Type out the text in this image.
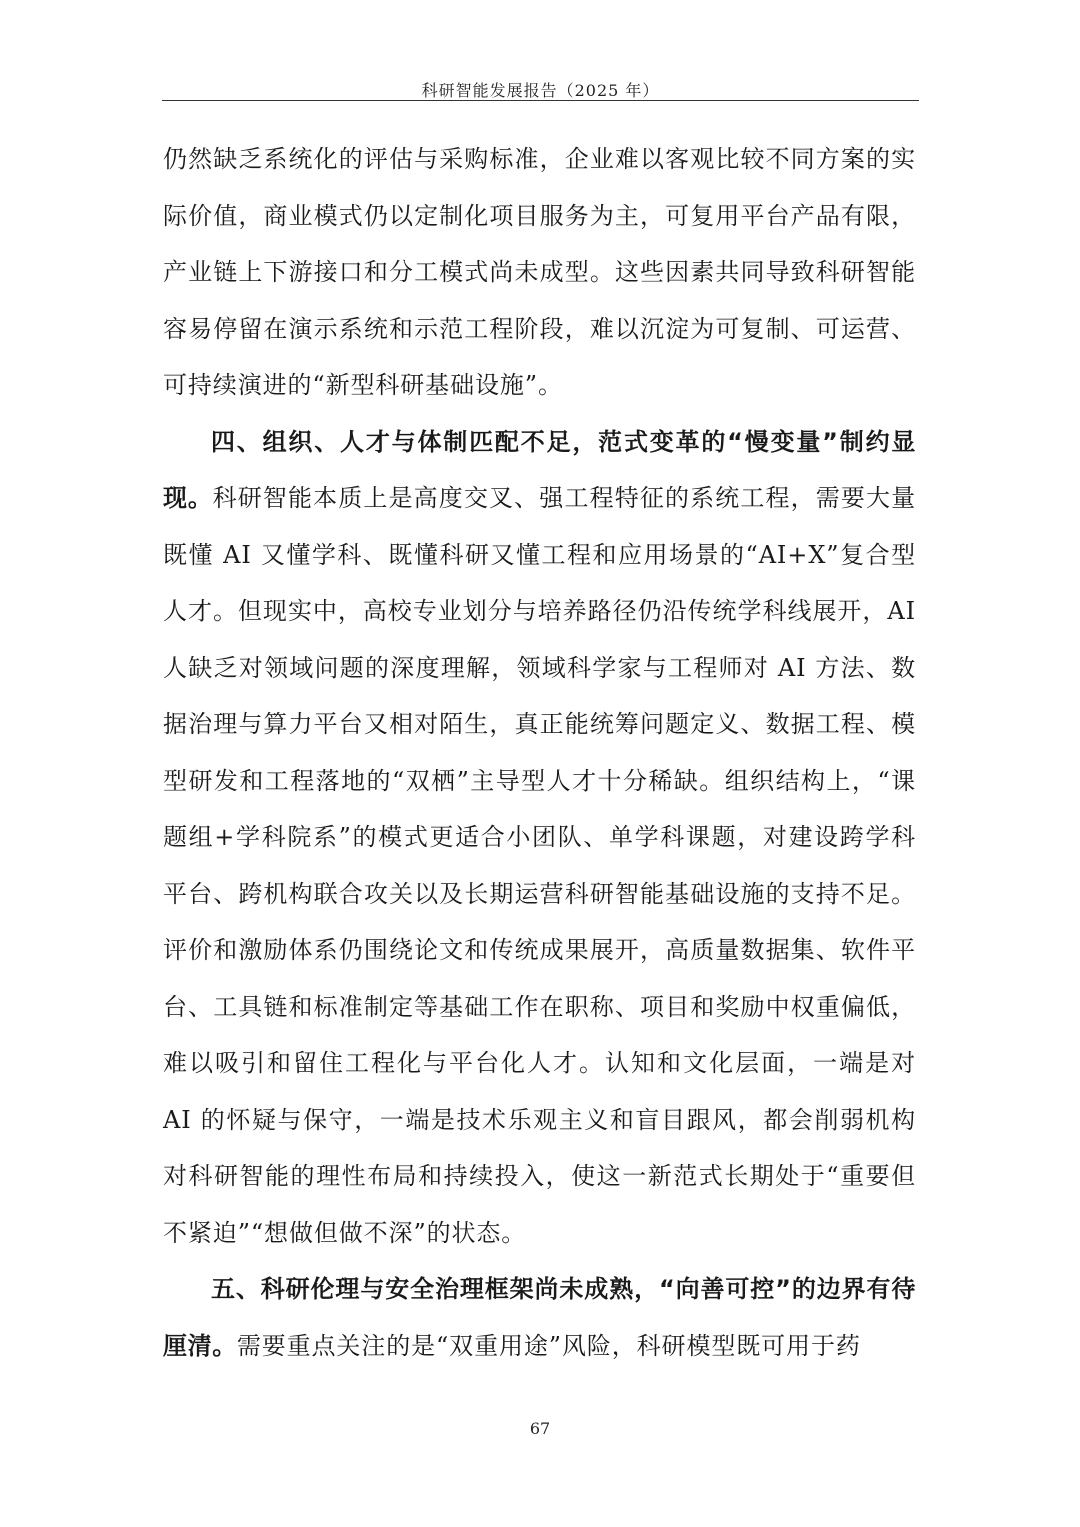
科研智能发展报告（2025 年）

仍然缺乏系统化的评估与采购标准，企业难以客观比较不同方案的实际价值，商业模式仍以定制化项目服务为主，可复用平台产品有限，产业链上下游接口和分工模式尚未成型。这些因素共同导致科研智能容易停留在演示系统和示范工程阶段，难以沉淀为可复制、可运营、可持续演进的“新型科研基础设施”。

四、组织、人才与体制匹配不足，范式变革的“慢变量”制约显现。科研智能本质上是高度交叉、强工程特征的系统工程，需要大量既懂 AI 又懂学科、既懂科研又懂工程和应用场景的“AI+X”复合型人才。但现实中，高校专业划分与培养路径仍沿传统学科线展开，AI 人缺乏对领域问题的深度理解，领域科学家与工程师对 AI 方法、数据治理与算力平台又相对陌生，真正能统筹问题定义、数据工程、模型研发和工程落地的“双栖”主导型人才十分稀缺。组织结构上，“课题组+学科院系”的模式更适合小团队、单学科课题，对建设跨学科平台、跨机构联合攻关以及长期运营科研智能基础设施的支持不足。评价和激励体系仍围绕论文和传统成果展开，高质量数据集、软件平台、工具链和标准制定等基础工作在职称、项目和奖励中权重偏低，难以吸引和留住工程化与平台化人才。认知和文化层面，一端是对 AI 的怀疑与保守，一端是技术乐观主义和盲目跟风，都会削弱机构对科研智能的理性布局和持续投入，使这一新范式长期处于“重要但不紧迫”“想做但做不深”的状态。

五、科研伦理与安全治理框架尚未成熟，“向善可控”的边界有待厘清。需要重点关注的是“双重用途”风险，科研模型既可用于药

67
